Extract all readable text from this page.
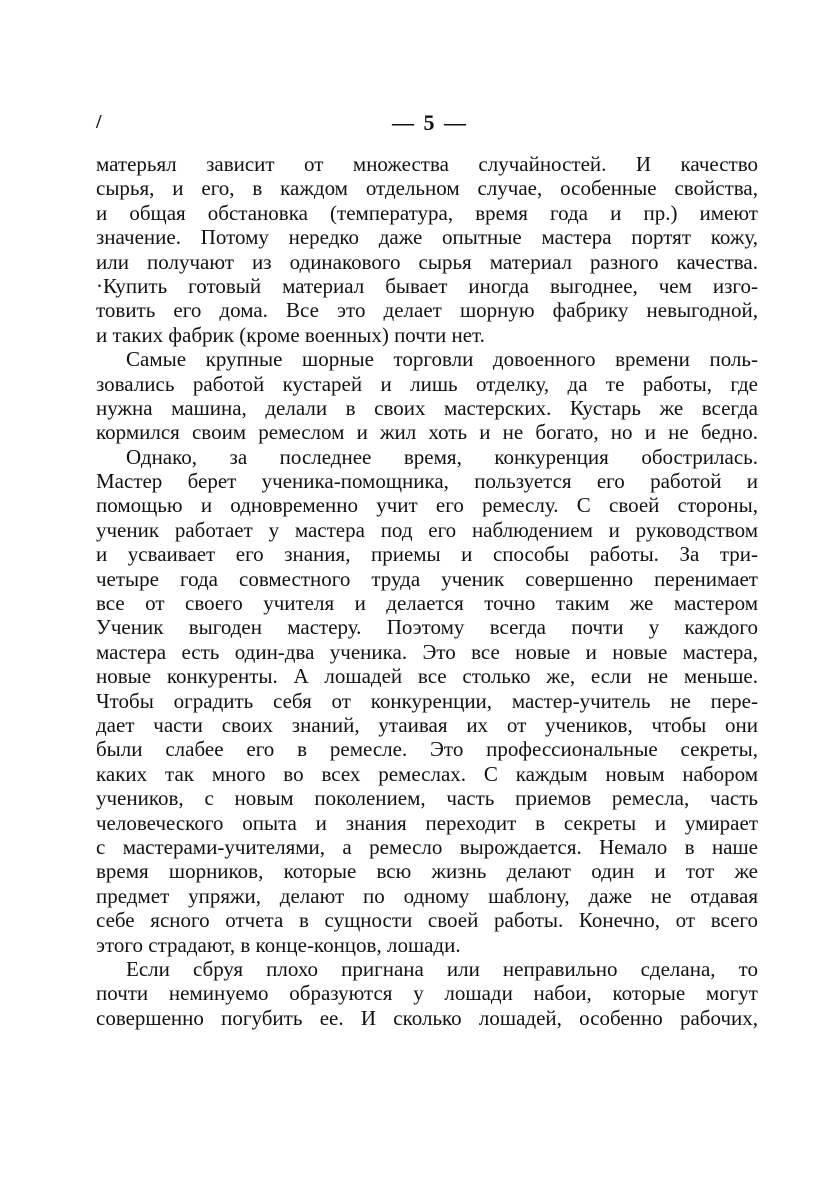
/	— 5 —
матерьял зависит от множества случайностей. И качество
сырья, и его, в каждом отдельном случае, особенные свойства,
и общая обстановка (температура, время года и пр.) имеют
значение. Потому нередко даже опытные мастера портят кожу,
или получают из одинакового сырья материал разного качества.
·Купить готовый материал бывает иногда выгоднее, чем изго-
товить его дома. Все это делает шорную фабрику невыгодной,
и таких фабрик (кроме военных) почти нет.
Самые крупные шорные торговли довоенного времени поль-
зовались работой кустарей и лишь отделку, да те работы, где
нужна машина, делали в своих мастерских. Кустарь же всегда
кормился своим ремеслом и жил хоть и не богато, но и не бедно.
Однако, за последнее время, конкуренция обострилась.
Мастер берет ученика-помощника, пользуется его работой и
помощью и одновременно учит его ремеслу. С своей стороны,
ученик работает у мастера под его наблюдением и руководством
и усваивает его знания, приемы и способы работы. За три-
четыре года совместного труда ученик совершенно перенимает
все от своего учителя и делается точно таким же мастером
Ученик выгоден мастеру. Поэтому всегда почти у каждого
мастера есть один-два ученика. Это все новые и новые мастера,
новые конкуренты. А лошадей все столько же, если не меньше.
Чтобы оградить себя от конкуренции, мастер-учитель не пере-
дает части своих знаний, утаивая их от учеников, чтобы они
были слабее его в ремесле. Это профессиональные секреты,
каких так много во всех ремеслах. С каждым новым набором
учеников, с новым поколением, часть приемов ремесла, часть
человеческого опыта и знания переходит в секреты и умирает
с мастерами-учителями, а ремесло вырождается. Немало в наше
время шорников, которые всю жизнь делают один и тот же
предмет упряжи, делают по одному шаблону, даже не отдавая
себе ясного отчета в сущности своей работы. Конечно, от всего
этого страдают, в конце-концов, лошади.
Если сбруя плохо пригнана или неправильно сделана, то
почти неминуемо образуются у лошади набои, которые могут
совершенно погубить ее. И сколько лошадей, особенно рабочих,
